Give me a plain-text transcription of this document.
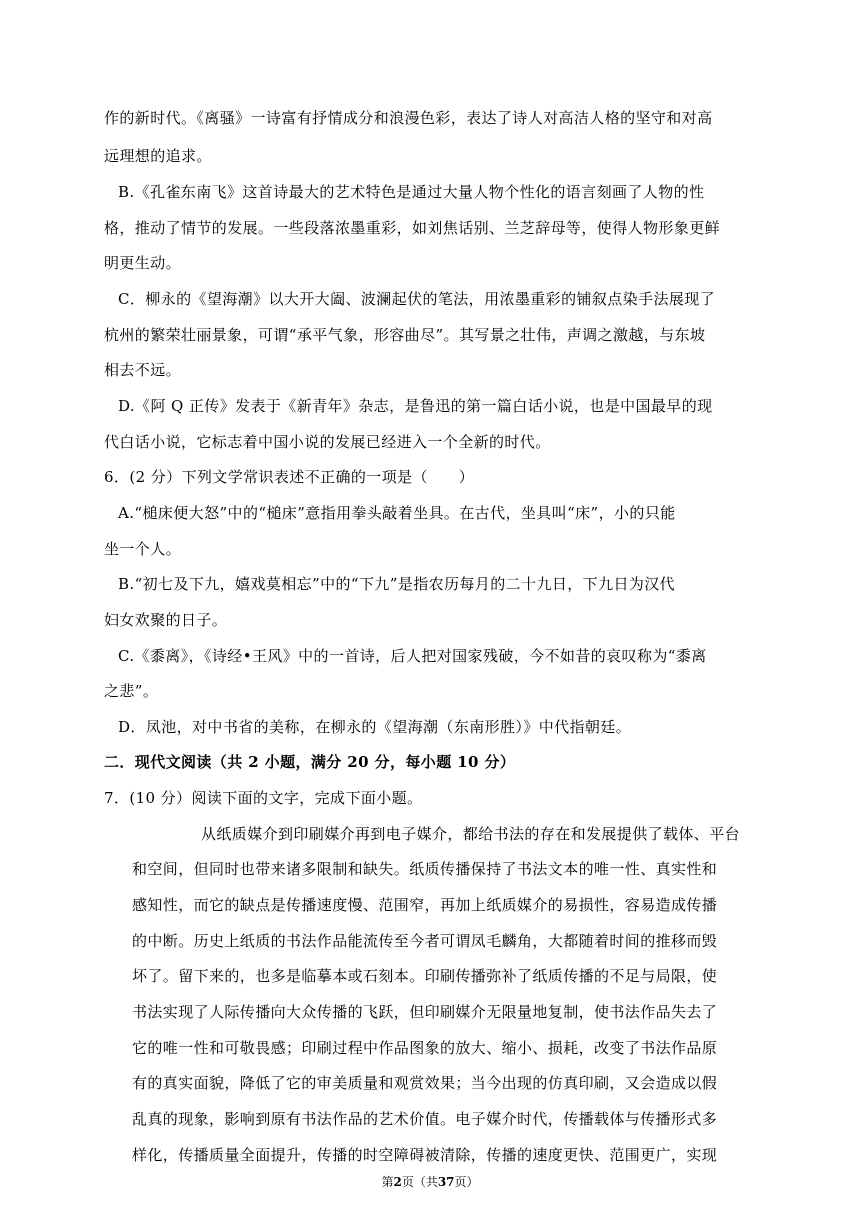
作的新时代。《离骚》一诗富有抒情成分和浪漫色彩，表达了诗人对高洁人格的坚守和对高
远理想的追求。
B.《孔雀东南飞》这首诗最大的艺术特色是通过大量人物个性化的语言刻画了人物的性
格，推动了情节的发展。一些段落浓墨重彩，如刘焦话别、兰芝辞母等，使得人物形象更鲜
明更生动。
C．柳永的《望海潮》以大开大阖、波澜起伏的笔法，用浓墨重彩的铺叙点染手法展现了
杭州的繁荣壮丽景象，可谓“承平气象，形容曲尽”。其写景之壮伟，声调之激越，与东坡
相去不远。
D.《阿 Q 正传》发表于《新青年》杂志，是鲁迅的第一篇白话小说，也是中国最早的现
代白话小说，它标志着中国小说的发展已经进入一个全新的时代。
6．(2 分）下列文学常识表述不正确的一项是（　　）
A.“槌床便大怒”中的“槌床”意指用拳头敲着坐具。在古代，坐具叫“床”，小的只能
坐一个人。
B.“初七及下九，嬉戏莫相忘”中的“下九”是指农历每月的二十九日，下九日为汉代
妇女欢聚的日子。
C.《黍离》，《诗经•王风》中的一首诗，后人把对国家残破，今不如昔的哀叹称为“黍离
之悲”。
D．凤池，对中书省的美称，在柳永的《望海潮（东南形胜）》中代指朝廷。
二．现代文阅读（共 2 小题，满分 20 分，每小题 10 分）
7．(10 分）阅读下面的文字，完成下面小题。
从纸质媒介到印刷媒介再到电子媒介，都给书法的存在和发展提供了载体、平台
和空间，但同时也带来诸多限制和缺失。纸质传播保持了书法文本的唯一性、真实性和
感知性，而它的缺点是传播速度慢、范围窄，再加上纸质媒介的易损性，容易造成传播
的中断。历史上纸质的书法作品能流传至今者可谓凤毛麟角，大都随着时间的推移而毁
坏了。留下来的，也多是临摹本或石刻本。印刷传播弥补了纸质传播的不足与局限，使
书法实现了人际传播向大众传播的飞跃，但印刷媒介无限量地复制，使书法作品失去了
它的唯一性和可敬畏感；印刷过程中作品图象的放大、缩小、损耗，改变了书法作品原
有的真实面貌，降低了它的审美质量和观赏效果；当今出现的仿真印刷，又会造成以假
乱真的现象，影响到原有书法作品的艺术价值。电子媒介时代，传播载体与传播形式多
样化，传播质量全面提升，传播的时空障碍被清除，传播的速度更快、范围更广，实现
第2页（共37页）
